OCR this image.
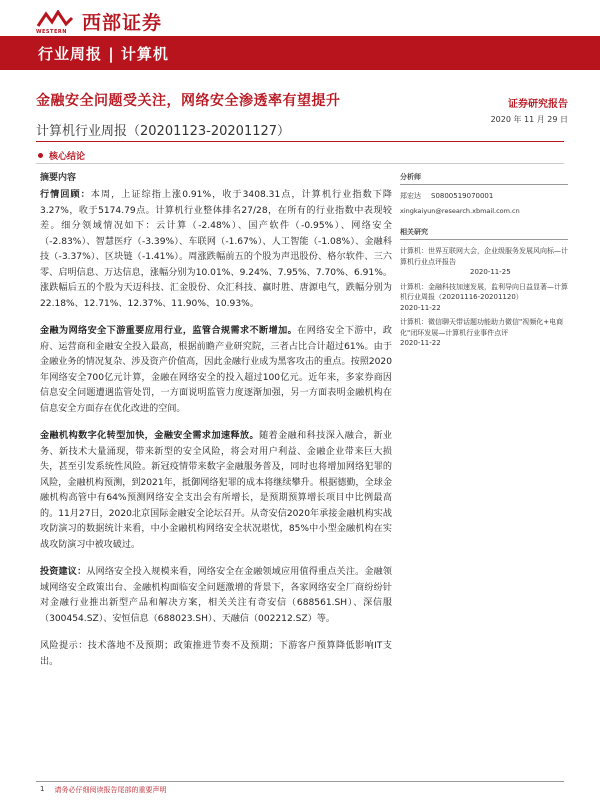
WESTERN 西部证券
行业周报 | 计算机
金融安全问题受关注，网络安全渗透率有望提升	证券研究报告
计算机行业周报（20201123-20201127）
2020 年 11 月 29 日
核心结论
摘要内容

行情回顾：本周，上证综指上涨0.91%，收于3408.31点，计算机行业指数下降3.27%，收于5174.79点。计算机行业整体排名27/28，在所有的行业指数中表现较差。细分领域情况如下：云计算（-2.48%）、国产软件（-0.95%）、网络安全（-2.83%）、智慧医疗（-3.39%）、车联网（-1.67%）、人工智能（-1.08%）、金融科技（-3.37%）、区块链（-1.41%）。周涨跌幅前五的个股为声迅股份、格尔软件、三六零、启明信息、万达信息，涨幅分别为10.01%、9.24%、7.95%、7.70%、6.91%。涨跌幅后五的个股为天迈科技、汇金股份、众汇科技、赢时胜、唐源电气，跌幅分别为22.18%、12.71%、12.37%、11.90%、10.93%。

金融为网络安全下游重要应用行业，监管合规需求不断增加。在网络安全下游中，政府、运营商和金融安全投入最高，根据前瞻产业研究院，三者占比合计超过61%。由于金融业务的情况复杂、涉及资产价值高，因此金融行业成为黑客攻击的重点。按照2020年网络安全700亿元计算，金融在网络安全的投入超过100亿元。近年来，多家券商因信息安全问题遭遇监管处罚，一方面说明监管力度逐渐加强，另一方面表明金融机构在信息安全方面存在优化改进的空间。

金融机构数字化转型加快，金融安全需求加速释放。随着金融和科技深入融合，新业务、新技术大量涌现，带来新型的安全风险，将会对用户利益、金融企业带来巨大损失，甚至引发系统性风险。新冠疫情带来数字金融服务普及，同时也将增加网络犯罪的风险，金融机构预测，到2021年，抵御网络犯罪的成本将继续攀升。根据德勤，全球金融机构高管中有64%预测网络安全支出会有所增长，是预期预算增长项目中比例最高的。11月27日，2020北京国际金融安全论坛召开。从奇安信2020年承接金融机构实战攻防演习的数据统计来看，中小金融机构网络安全状况堪忧，85%中小型金融机构在实战攻防演习中被攻破过。

投资建议：从网络安全投入规模来看，网络安全在金融领域应用值得重点关注。金融领域网络安全政策出台、金融机构面临安全问题激增的背景下，各家网络安全厂商纷纷针对金融行业推出新型产品和解决方案，相关关注有奇安信（688561.SH）、深信服（300454.SZ）、安恒信息（688023.SH）、天融信（002212.SZ）等。

风险提示：技术落地不及预期；政策推进节奏不及预期；下游客户预算降低影响IT支出。

分析师
郑宏达 S0800519070001
xingkaiyun@research.xbmail.com.cn
相关研究

计算机：世界互联网大会，企业级服务发展风向标—计算机行业点评报告
2020-11-25

计算机：金融科技加速发展，监利导向日益显著—计算机行业周报（20201116-20201120）
2020-11-22

计算机：微信聊天带话题功能助力微信"视频化+电商化"闭环发展—计算机行业事件点评
2020-11-22

1 请务必仔细阅读报告尾部的重要声明
